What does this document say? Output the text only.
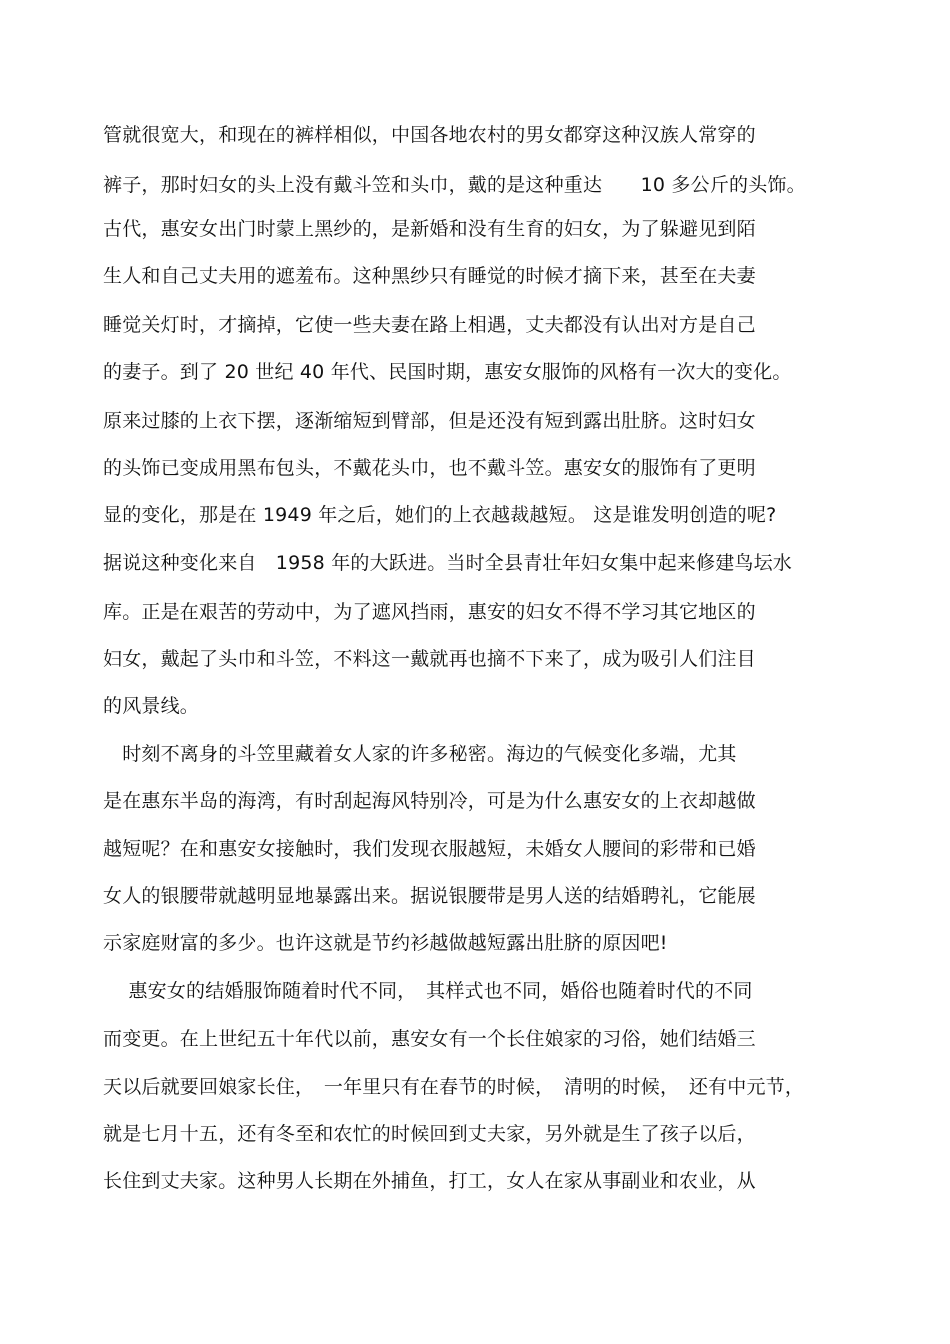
管就很宽大，和现在的裤样相似，中国各地农村的男女都穿这种汉族人常穿的
裤子，那时妇女的头上没有戴斗笠和头巾，戴的是这种重达　　10 多公斤的头饰。
古代，惠安女出门时蒙上黑纱的，是新婚和没有生育的妇女，为了躲避见到陌
生人和自己丈夫用的遮羞布。这种黑纱只有睡觉的时候才摘下来，甚至在夫妻
睡觉关灯时，才摘掉，它使一些夫妻在路上相遇，丈夫都没有认出对方是自己
的妻子。到了 20 世纪 40 年代、民国时期，惠安女服饰的风格有一次大的变化。
原来过膝的上衣下摆，逐渐缩短到臂部，但是还没有短到露出肚脐。这时妇女
的头饰已变成用黑布包头，不戴花头巾，也不戴斗笠。惠安女的服饰有了更明
显的变化，那是在 1949 年之后，她们的上衣越裁越短。 这是谁发明创造的呢?
据说这种变化来自　1958 年的大跃进。当时全县青壮年妇女集中起来修建鸟坛水
库。正是在艰苦的劳动中，为了遮风挡雨，惠安的妇女不得不学习其它地区的
妇女，戴起了头巾和斗笠，不料这一戴就再也摘不下来了，成为吸引人们注目
的风景线。
　时刻不离身的斗笠里藏着女人家的许多秘密。海边的气候变化多端，尤其
是在惠东半岛的海湾，有时刮起海风特别冷，可是为什么惠安女的上衣却越做
越短呢？在和惠安女接触时，我们发现衣服越短，未婚女人腰间的彩带和已婚
女人的银腰带就越明显地暴露出来。据说银腰带是男人送的结婚聘礼，它能展
示家庭财富的多少。也许这就是节约衫越做越短露出肚脐的原因吧!
　 惠安女的结婚服饰随着时代不同，　其样式也不同，婚俗也随着时代的不同
而变更。在上世纪五十年代以前，惠安女有一个长住娘家的习俗，她们结婚三
天以后就要回娘家长住，　一年里只有在春节的时候，　清明的时候，　还有中元节，
就是七月十五，还有冬至和农忙的时候回到丈夫家，另外就是生了孩子以后，
长住到丈夫家。这种男人长期在外捕鱼，打工，女人在家从事副业和农业，从
